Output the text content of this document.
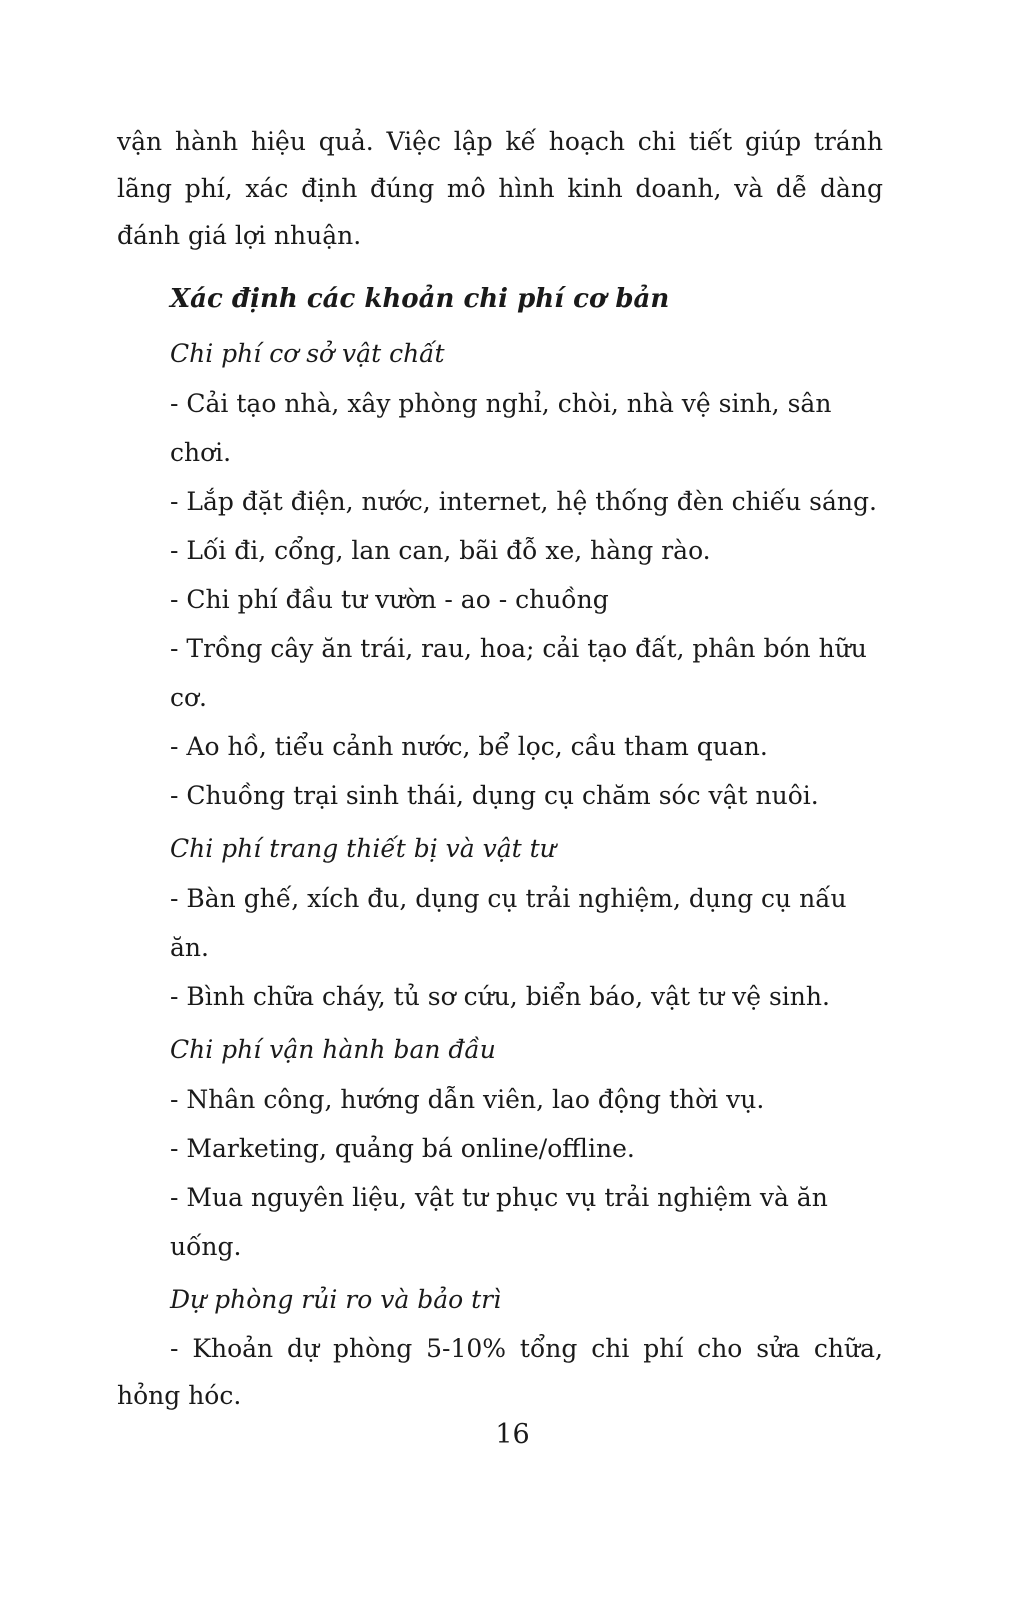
vận hành hiệu quả. Việc lập kế hoạch chi tiết giúp tránh lãng phí, xác định đúng mô hình kinh doanh, và dễ dàng đánh giá lợi nhuận.

Xác định các khoản chi phí cơ bản

Chi phí cơ sở vật chất

- Cải tạo nhà, xây phòng nghỉ, chòi, nhà vệ sinh, sân chơi.

- Lắp đặt điện, nước, internet, hệ thống đèn chiếu sáng.

- Lối đi, cổng, lan can, bãi đỗ xe, hàng rào.

- Chi phí đầu tư vườn - ao - chuồng

- Trồng cây ăn trái, rau, hoa; cải tạo đất, phân bón hữu cơ.

- Ao hồ, tiểu cảnh nước, bể lọc, cầu tham quan.

- Chuồng trại sinh thái, dụng cụ chăm sóc vật nuôi.

Chi phí trang thiết bị và vật tư

- Bàn ghế, xích đu, dụng cụ trải nghiệm, dụng cụ nấu ăn.

- Bình chữa cháy, tủ sơ cứu, biển báo, vật tư vệ sinh.

Chi phí vận hành ban đầu

- Nhân công, hướng dẫn viên, lao động thời vụ.

- Marketing, quảng bá online/offline.

- Mua nguyên liệu, vật tư phục vụ trải nghiệm và ăn uống.

Dự phòng rủi ro và bảo trì

- Khoản dự phòng 5-10% tổng chi phí cho sửa chữa, hỏng hóc.

16
